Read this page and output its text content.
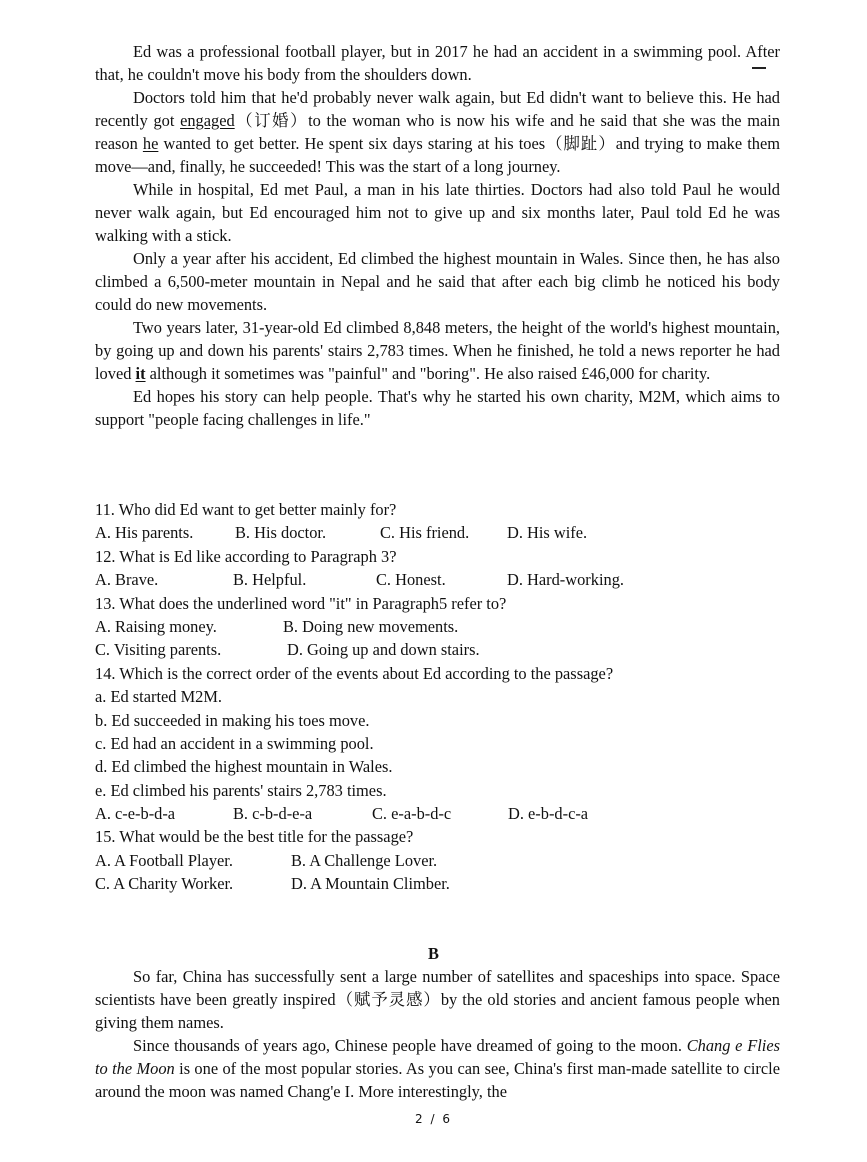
Ed was a professional football player, but in 2017 he had an accident in a swimming pool. After that, he couldn't move his body from the shoulders down.

Doctors told him that he'd probably never walk again, but Ed didn't want to believe this. He had recently got engaged（订婚）to the woman who is now his wife and he said that she was the main reason he wanted to get better. He spent six days staring at his toes（脚趾）and trying to make them move—and, finally, he succeeded! This was the start of a long journey.

While in hospital, Ed met Paul, a man in his late thirties. Doctors had also told Paul he would never walk again, but Ed encouraged him not to give up and six months later, Paul told Ed he was walking with a stick.

Only a year after his accident, Ed climbed the highest mountain in Wales. Since then, he has also climbed a 6,500-meter mountain in Nepal and he said that after each big climb he noticed his body could do new movements.

Two years later, 31-year-old Ed climbed 8,848 meters, the height of the world's highest mountain, by going up and down his parents' stairs 2,783 times. When he finished, he told a news reporter he had loved it although it sometimes was "painful" and "boring". He also raised £46,000 for charity.

Ed hopes his story can help people. That's why he started his own charity, M2M, which aims to support "people facing challenges in life."

11. Who did Ed want to get better mainly for?

A. His parents.	B. His doctor.	C. His friend.	D. His wife.

12. What is Ed like according to Paragraph 3?

A. Brave.	B. Helpful.	C. Honest.	D. Hard-working.

13. What does the underlined word "it" in Paragraph5 refer to?

A. Raising money.	B. Doing new movements.
C. Visiting parents.	D. Going up and down stairs.

14. Which is the correct order of the events about Ed according to the passage?

a. Ed started M2M.

b. Ed succeeded in making his toes move.

c. Ed had an accident in a swimming pool.

d. Ed climbed the highest mountain in Wales.

e. Ed climbed his parents' stairs 2,783 times.

A. c-e-b-d-a	B. c-b-d-e-a	C. e-a-b-d-c	D. e-b-d-c-a

15. What would be the best title for the passage?

A. A Football Player.	B. A Challenge Lover.
C. A Charity Worker.	D. A Mountain Climber.
B

So far, China has successfully sent a large number of satellites and spaceships into space. Space scientists have been greatly inspired（赋予灵感）by the old stories and ancient famous people when giving them names.

Since thousands of years ago, Chinese people have dreamed of going to the moon. Chang e Flies to the Moon is one of the most popular stories. As you can see, China's first man-made satellite to circle around the moon was named Chang'e I. More interestingly, the

2 / 6
